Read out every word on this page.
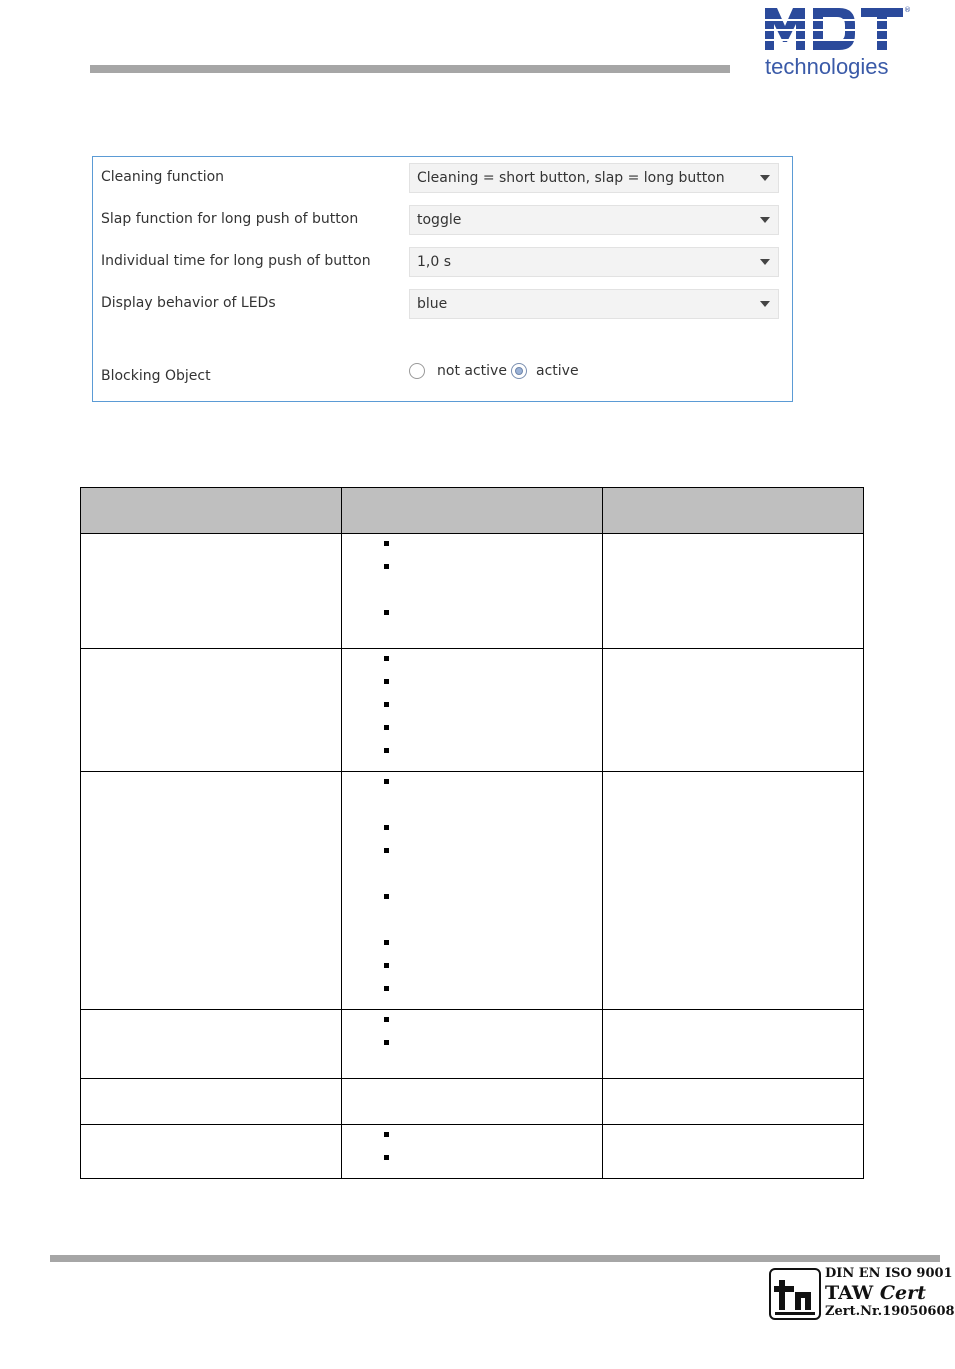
®
technologies
Cleaning function	Cleaning = short button, slap = long button
Slap function for long push of button	toggle
Individual time for long push of button	1,0 s
Display behavior of LEDs	blue
Blocking Object	not active active

DIN EN ISO 9001
TAW Cert
Zert.Nr.19050608
